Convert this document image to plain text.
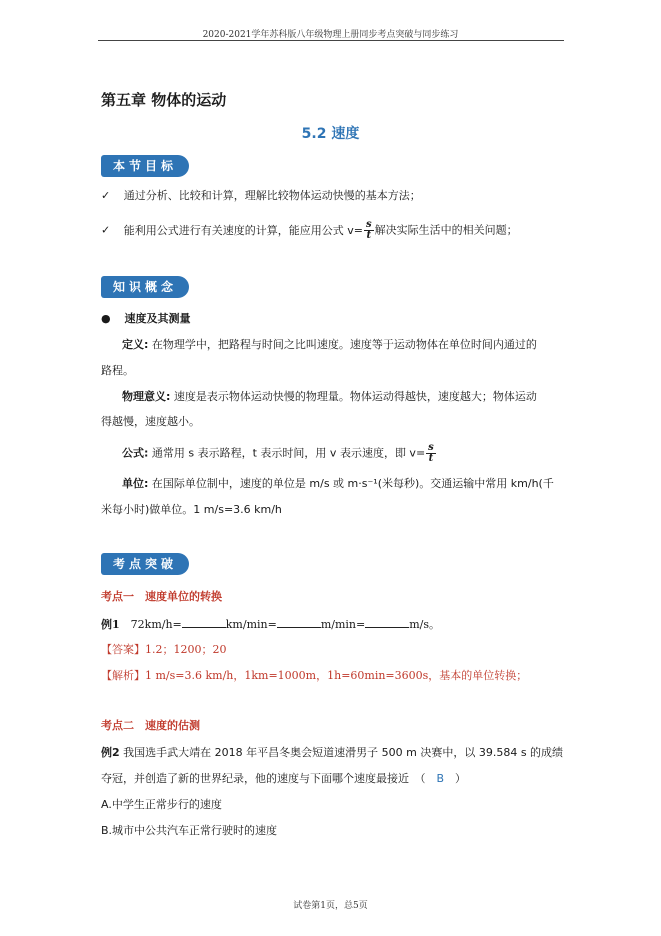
2020-2021学年苏科版八年级物理上册同步考点突破与同步练习
第五章 物体的运动
5.2 速度
本节目标
✓ 通过分析、比较和计算，理解比较物体运动快慢的基本方法；
✓ 能利用公式进行有关速度的计算，能应用公式 $v= \frac{s}{t}$ 解决实际生活中的相关问题；
知识概念
● 速度及其测量
定义: 在物理学中，把路程与时间之比叫速度。速度等于运动物体在单位时间内通过的
路程。
物理意义: 速度是表示物体运动快慢的物理量。物体运动得越快，速度越大；物体运动
得越慢，速度越小。
公式: 通常用 s 表示路程，t 表示时间，用 v 表示速度，即 $v= \frac{s}{t}$
单位: 在国际单位制中，速度的单位是 m/s 或 m·s⁻¹(米每秒)。交通运输中常用 km/h(千
米每小时)做单位。1 m/s=3.6 km/h
考点突破
考点一　速度单位的转换
例1　72km/h=	km/min=	m/min=	m/s。
【答案】1.2；1200；20
【解析】1 m/s=3.6 km/h，1km=1000m，1h=60min=3600s，基本的单位转换；
考点二　速度的估测
例2 我国选手武大靖在 2018 年平昌冬奥会短道速滑男子 500 m 决赛中，以 39.584 s 的成绩
夺冠，并创造了新的世界纪录，他的速度与下面哪个速度最接近　（　B　）
A.中学生正常步行的速度
B.城市中公共汽车正常行驶时的速度
试卷第1页，总5页
